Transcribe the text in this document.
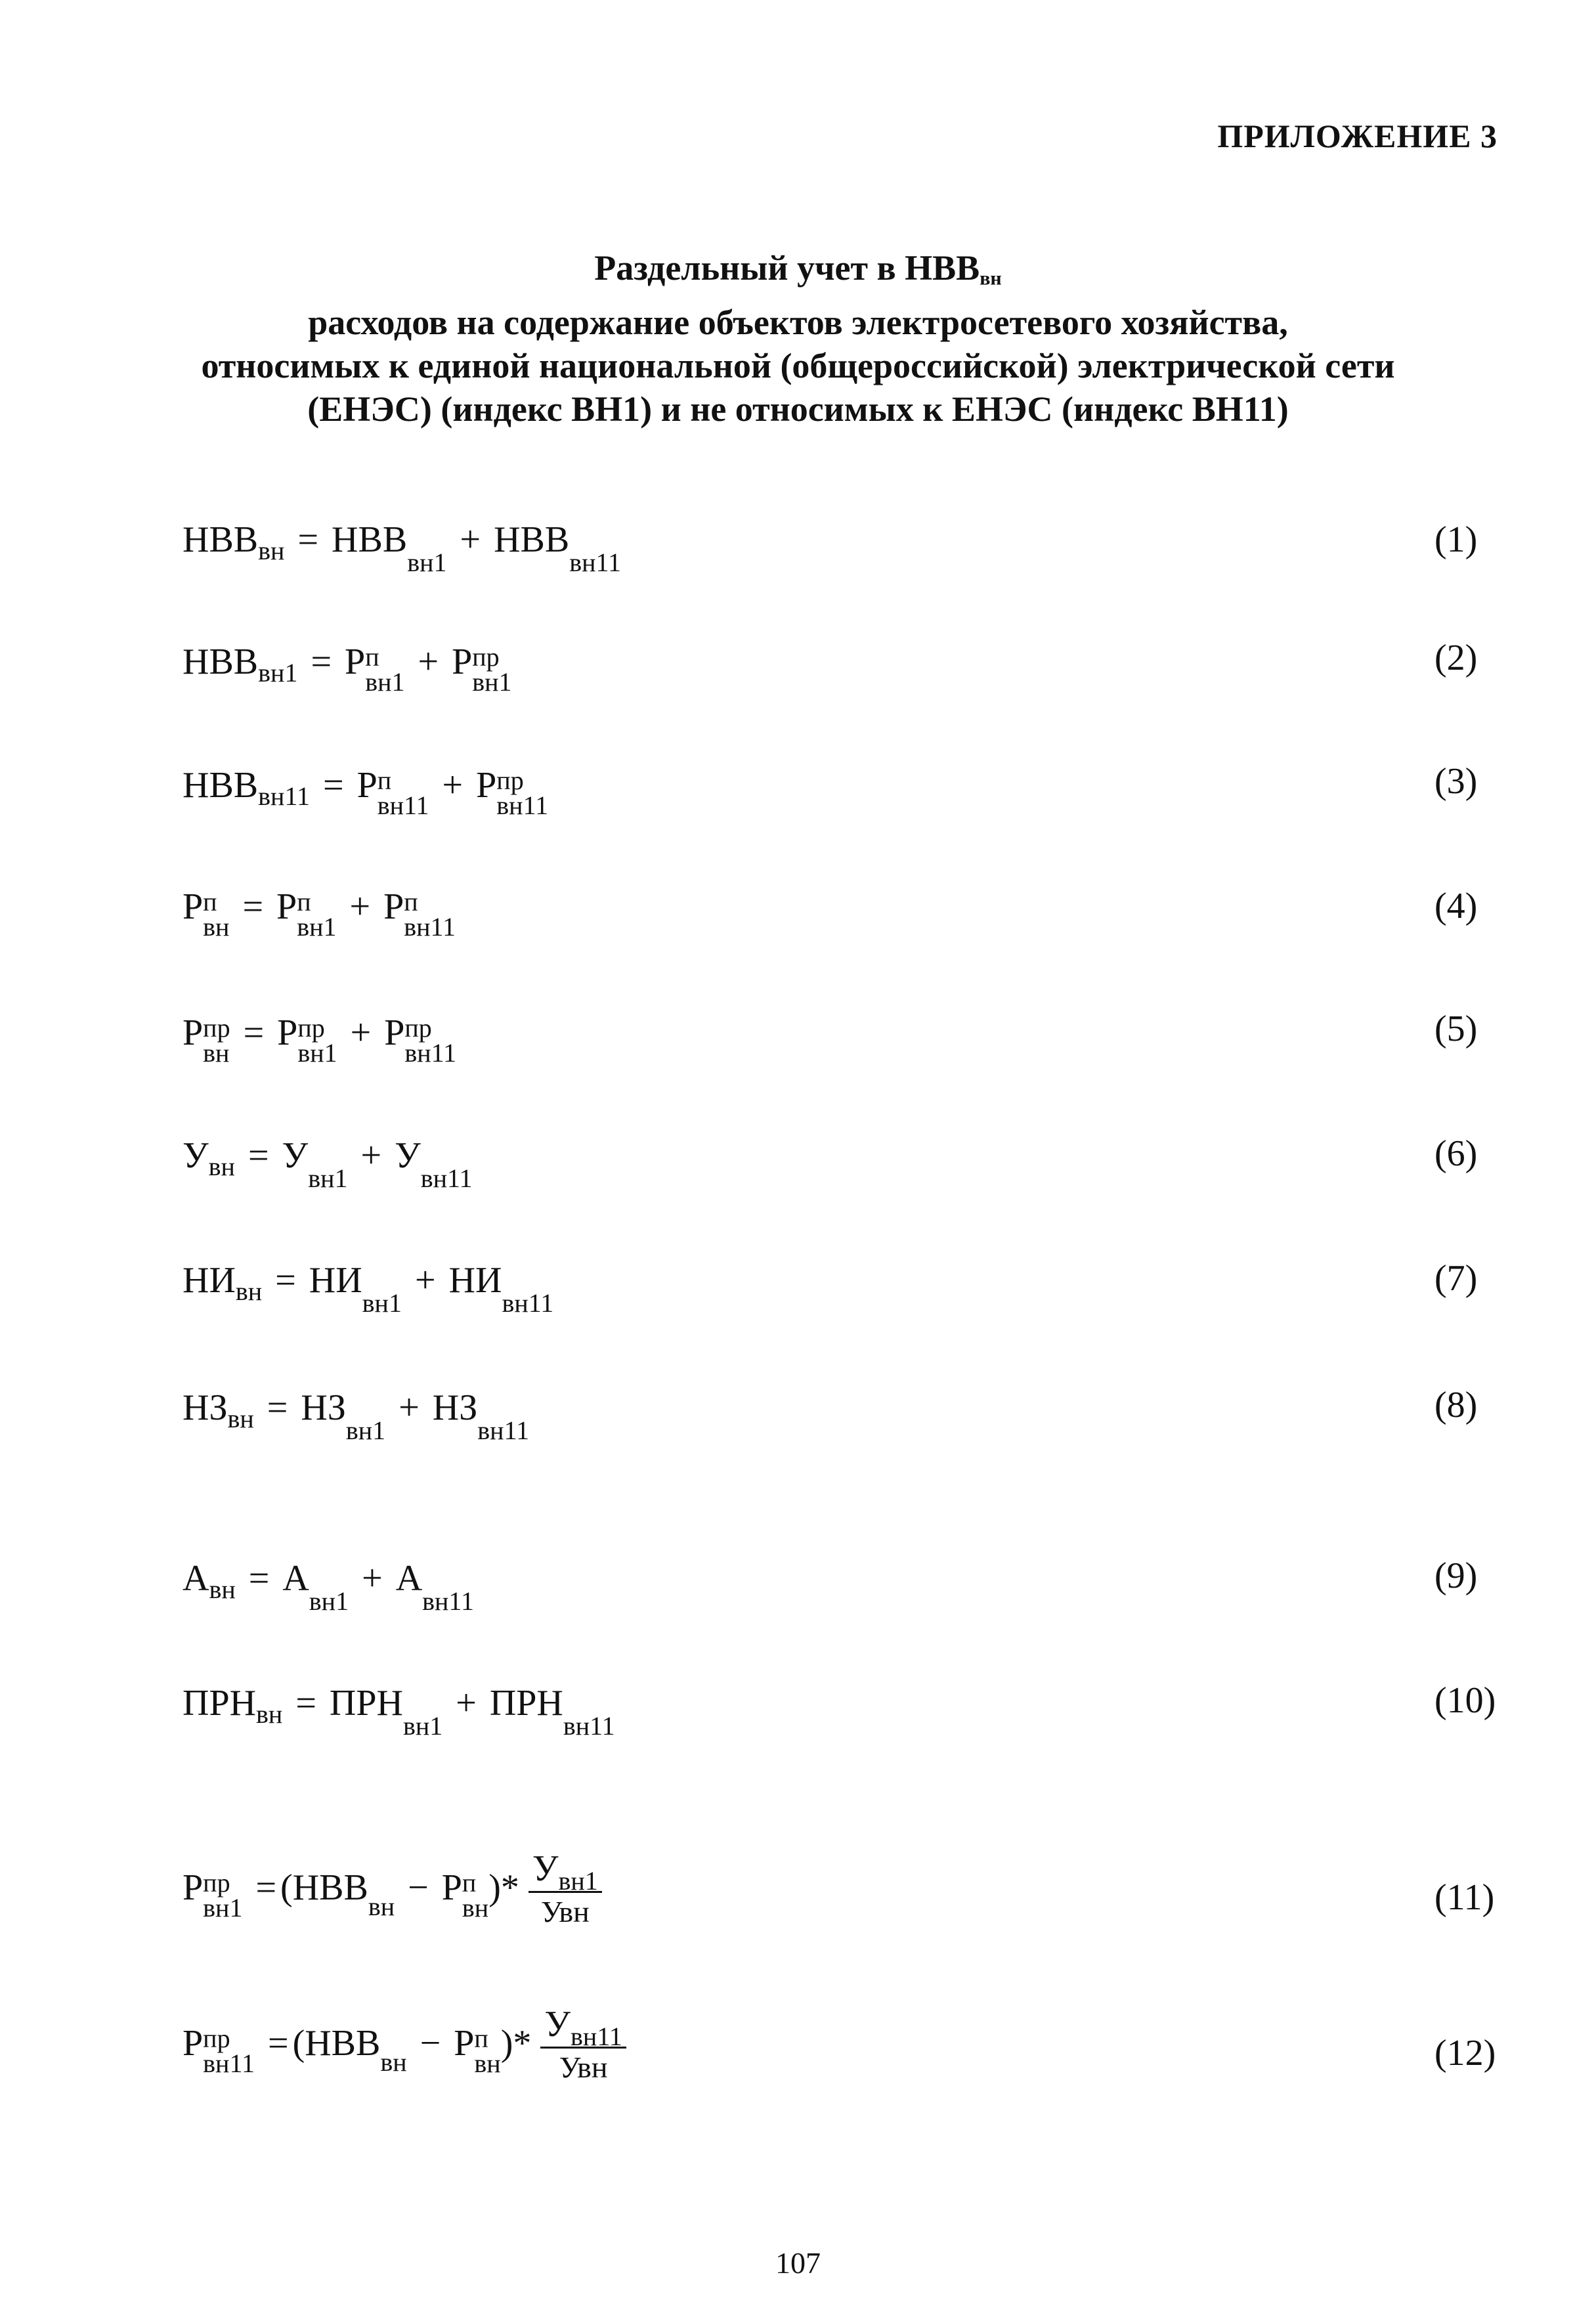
ПРИЛОЖЕНИЕ 3
Раздельный учет в $НВВ_{вн}$
расходов на содержание объектов электросетевого хозяйства,
относимых к единой национальной (общероссийской) электрической сети
(ЕНЭС) (индекс ВН1) и не относимых к ЕНЭС (индекс ВН11)
$НВВ_{вн} = НВВ_{вн1} + НВВ_{вн11}$
(1)
$НВВ_{вн1} = Р$ п
вн1 + Р пр
вн1
(2)
$НВВ_{вн11} = Р$ п
вн11 + Р пр
вн11
(3)
Р п
вн = Р п
вн1 + Р п
вн11
(4)
Р пр
вн = Р пр
вн1 + Р пр
вн11
(5)
$У_{вн} = У_{вн1} + У_{вн11}$
(6)
$НИ_{вн} = НИ_{вн1} + НИ_{вн11}$
(7)
$НЗ_{вн} = НЗ_{вн1} + НЗ_{вн11}$
(8)
$А_{вн} = А_{вн1} + А_{вн11}$
(9)
$ПРН_{вн} = ПРН_{вн1} + ПРН_{вн11}$
(10)
Р пр
$вн1 = (НВВ_{вн} - Р$ п
вн )* $\frac{У_{вн1}}{\text{Увн}}$	(11)
Р пр
$вн11 = (НВВ_{вн} - Р$ п
вн )* $\frac{У_{вн11}}{\text{Увн}}$	(12)
107
